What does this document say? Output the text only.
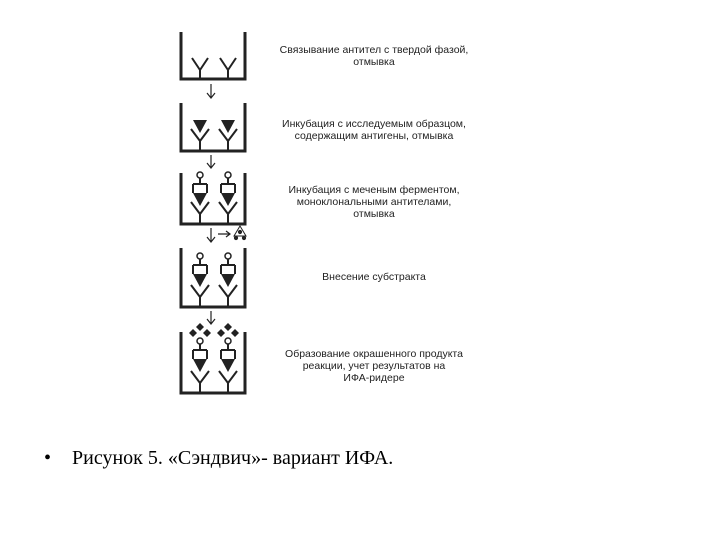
Связывание антител с твердой фазой,
отмывка
Инкубация с исследуемым образцом,
содержащим антигены, отмывка
Инкубация с меченым ферментом,
моноклональными антителами,
отмывка
Внесение субстракта
Образование окрашенного продукта
реакции, учет результатов на
ИФА-ридере
• Рисунок 5. «Сэндвич»- вариант ИФА.
